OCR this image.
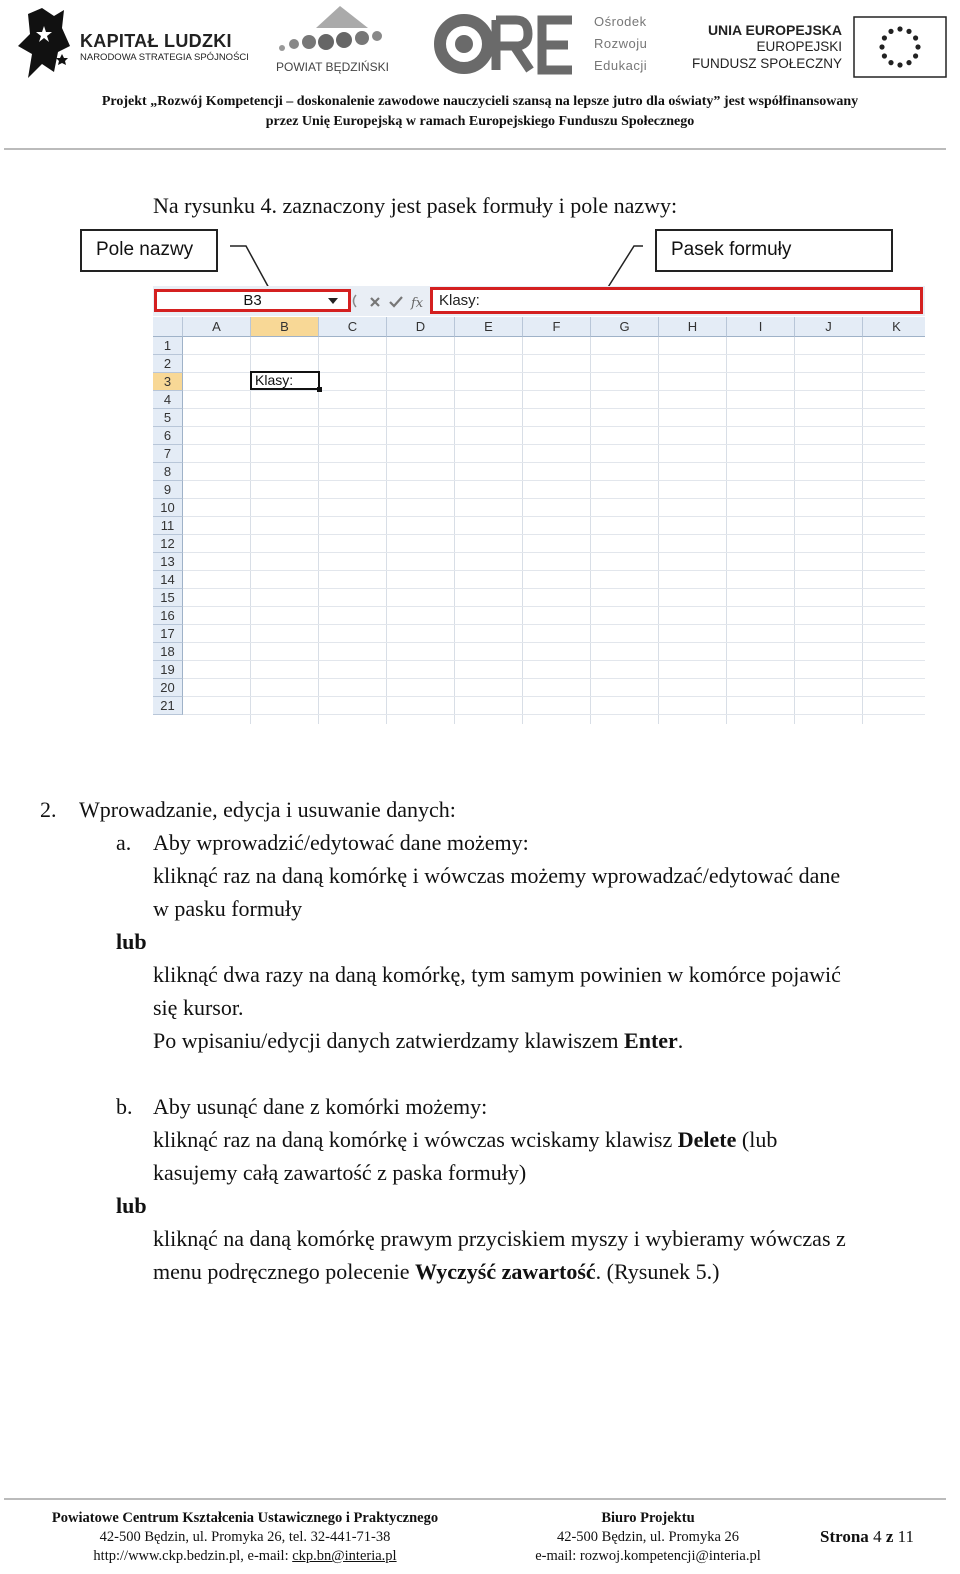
KAPITAŁ LUDZKI
NARODOWA STRATEGIA SPÓJNOŚCI
POWIAT BĘDZIŃSKI
Ośrodek
Rozwoju
Edukacji
UNIA EUROPEJSKA
EUROPEJSKI
FUNDUSZ SPOŁECZNY
Projekt „Rozwój Kompetencji – doskonalenie zawodowe nauczycieli szansą na lepsze jutro dla oświaty” jest współfinansowany
przez Unię Europejską w ramach Europejskiego Funduszu Społecznego
Na rysunku 4. zaznaczony jest pasek formuły i pole nazwy:
Pole nazwy	Pasek formuły
B3	fx	Klasy:
A	B	C	D	E	F	G	H	I	J	K
1
2
3
4
5
6
7
8
9
10
11
12
13
14
15
16
17
18
19
20
21
Klasy:
2. Wprowadzanie, edycja i usuwanie danych:
a. Aby wprowadzić/edytować dane możemy:
kliknąć raz na daną komórkę i wówczas możemy wprowadzać/edytować dane
w pasku formuły
lub
kliknąć dwa razy na daną komórkę, tym samym powinien w komórce pojawić
się kursor.
Po wpisaniu/edycji danych zatwierdzamy klawiszem Enter.
b. Aby usunąć dane z komórki możemy:
kliknąć raz na daną komórkę i wówczas wciskamy klawisz Delete (lub
kasujemy całą zawartość z paska formuły)
lub
kliknąć na daną komórkę prawym przyciskiem myszy i wybieramy wówczas z
menu podręcznego polecenie Wyczyść zawartość. (Rysunek 5.)
Powiatowe Centrum Kształcenia Ustawicznego i Praktycznego
42-500 Będzin, ul. Promyka 26, tel. 32-441-71-38
http://www.ckp.bedzin.pl, e-mail: ckp.bn@interia.pl
Biuro Projektu
42-500 Będzin, ul. Promyka 26
e-mail: rozwoj.kompetencji@interia.pl
Strona 4 z 11
